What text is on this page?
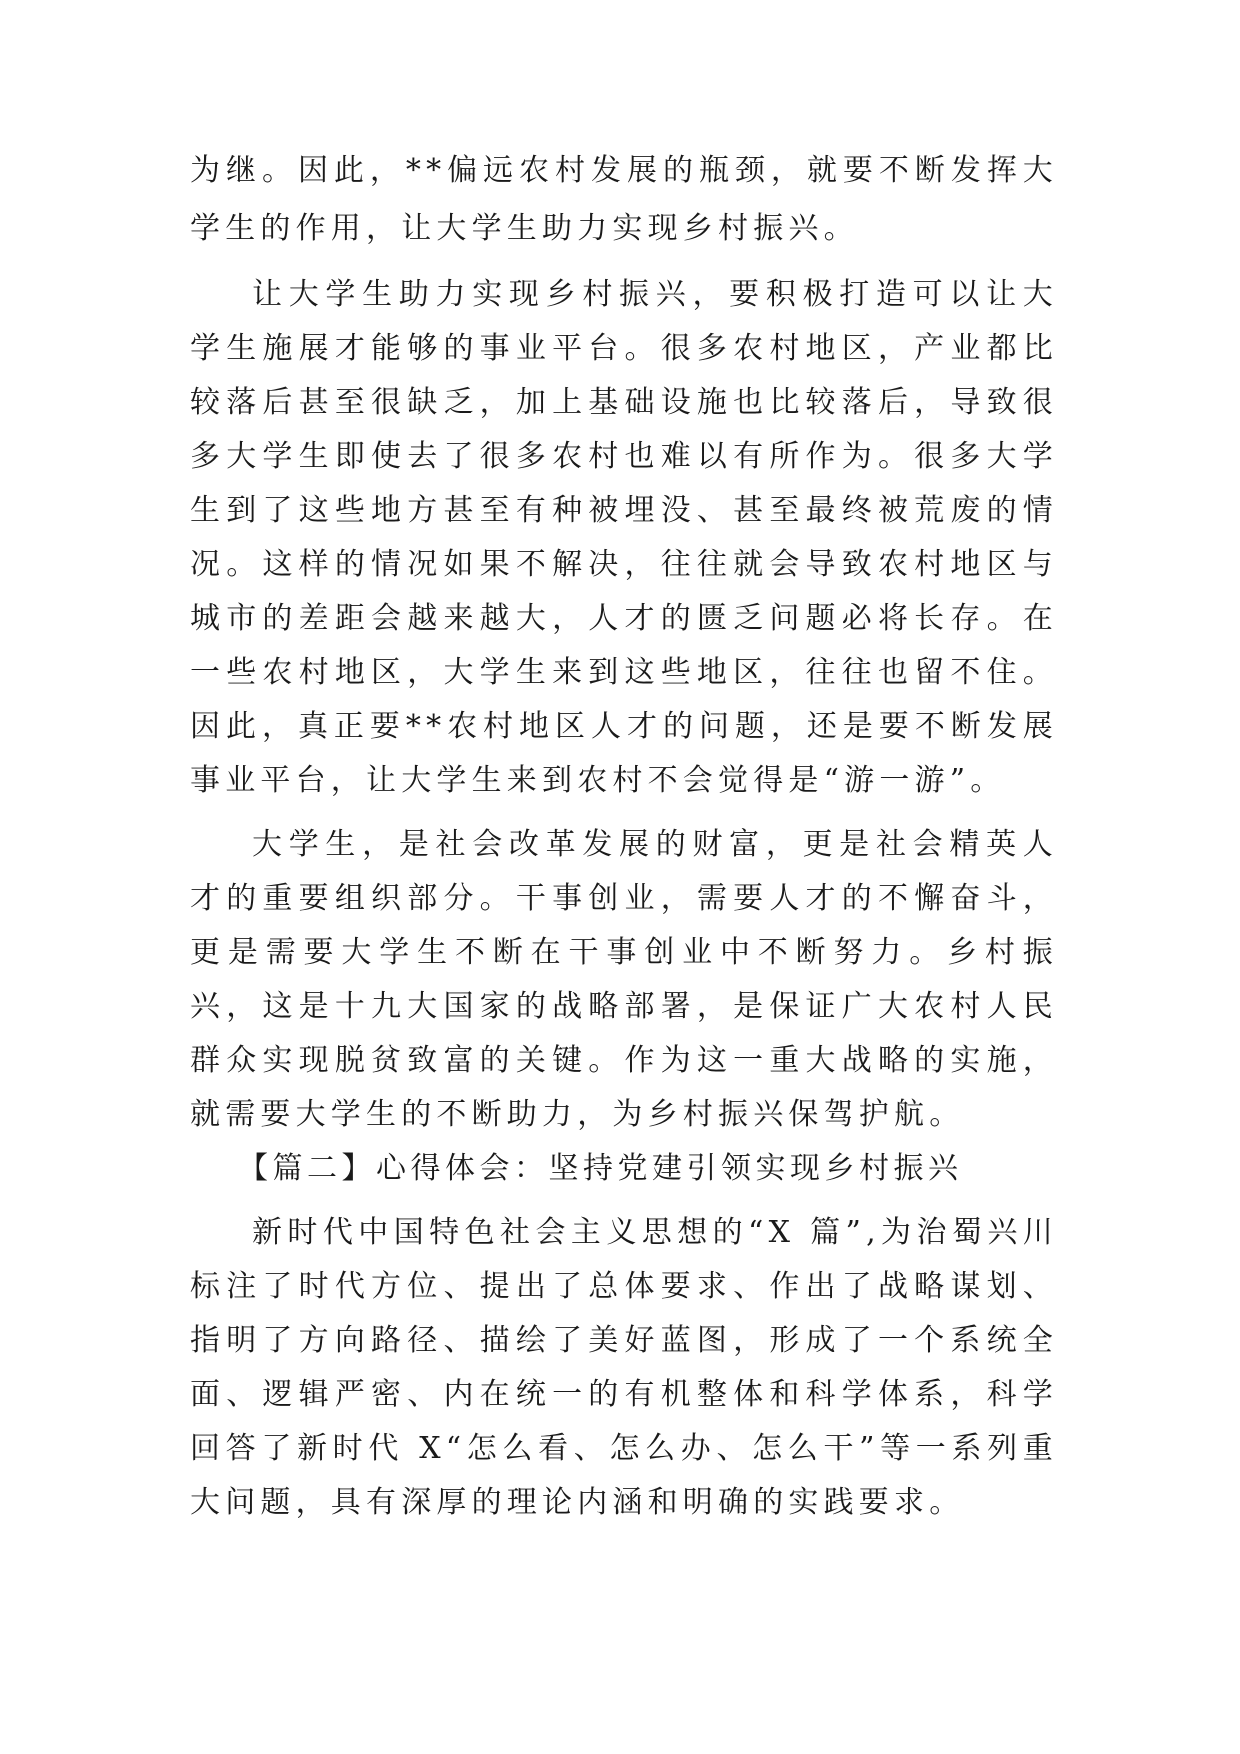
为继。因此，**偏远农村发展的瓶颈，就要不断发挥大学生的作用，让大学生助力实现乡村振兴。

让大学生助力实现乡村振兴，要积极打造可以让大学生施展才能够的事业平台。很多农村地区，产业都比较落后甚至很缺乏，加上基础设施也比较落后，导致很多大学生即使去了很多农村也难以有所作为。很多大学生到了这些地方甚至有种被埋没、甚至最终被荒废的情况。这样的情况如果不解决，往往就会导致农村地区与城市的差距会越来越大，人才的匮乏问题必将长存。在一些农村地区，大学生来到这些地区，往往也留不住。因此，真正要**农村地区人才的问题，还是要不断发展事业平台，让大学生来到农村不会觉得是“游一游”。

大学生，是社会改革发展的财富，更是社会精英人才的重要组织部分。干事创业，需要人才的不懈奋斗，更是需要大学生不断在干事创业中不断努力。乡村振兴，这是十九大国家的战略部署，是保证广大农村人民群众实现脱贫致富的关键。作为这一重大战略的实施，就需要大学生的不断助力，为乡村振兴保驾护航。

【篇二】心得体会：坚持党建引领实现乡村振兴

新时代中国特色社会主义思想的“X 篇”,为治蜀兴川标注了时代方位、提出了总体要求、作出了战略谋划、指明了方向路径、描绘了美好蓝图，形成了一个系统全面、逻辑严密、内在统一的有机整体和科学体系，科学回答了新时代 X“怎么看、怎么办、怎么干”等一系列重大问题，具有深厚的理论内涵和明确的实践要求。
